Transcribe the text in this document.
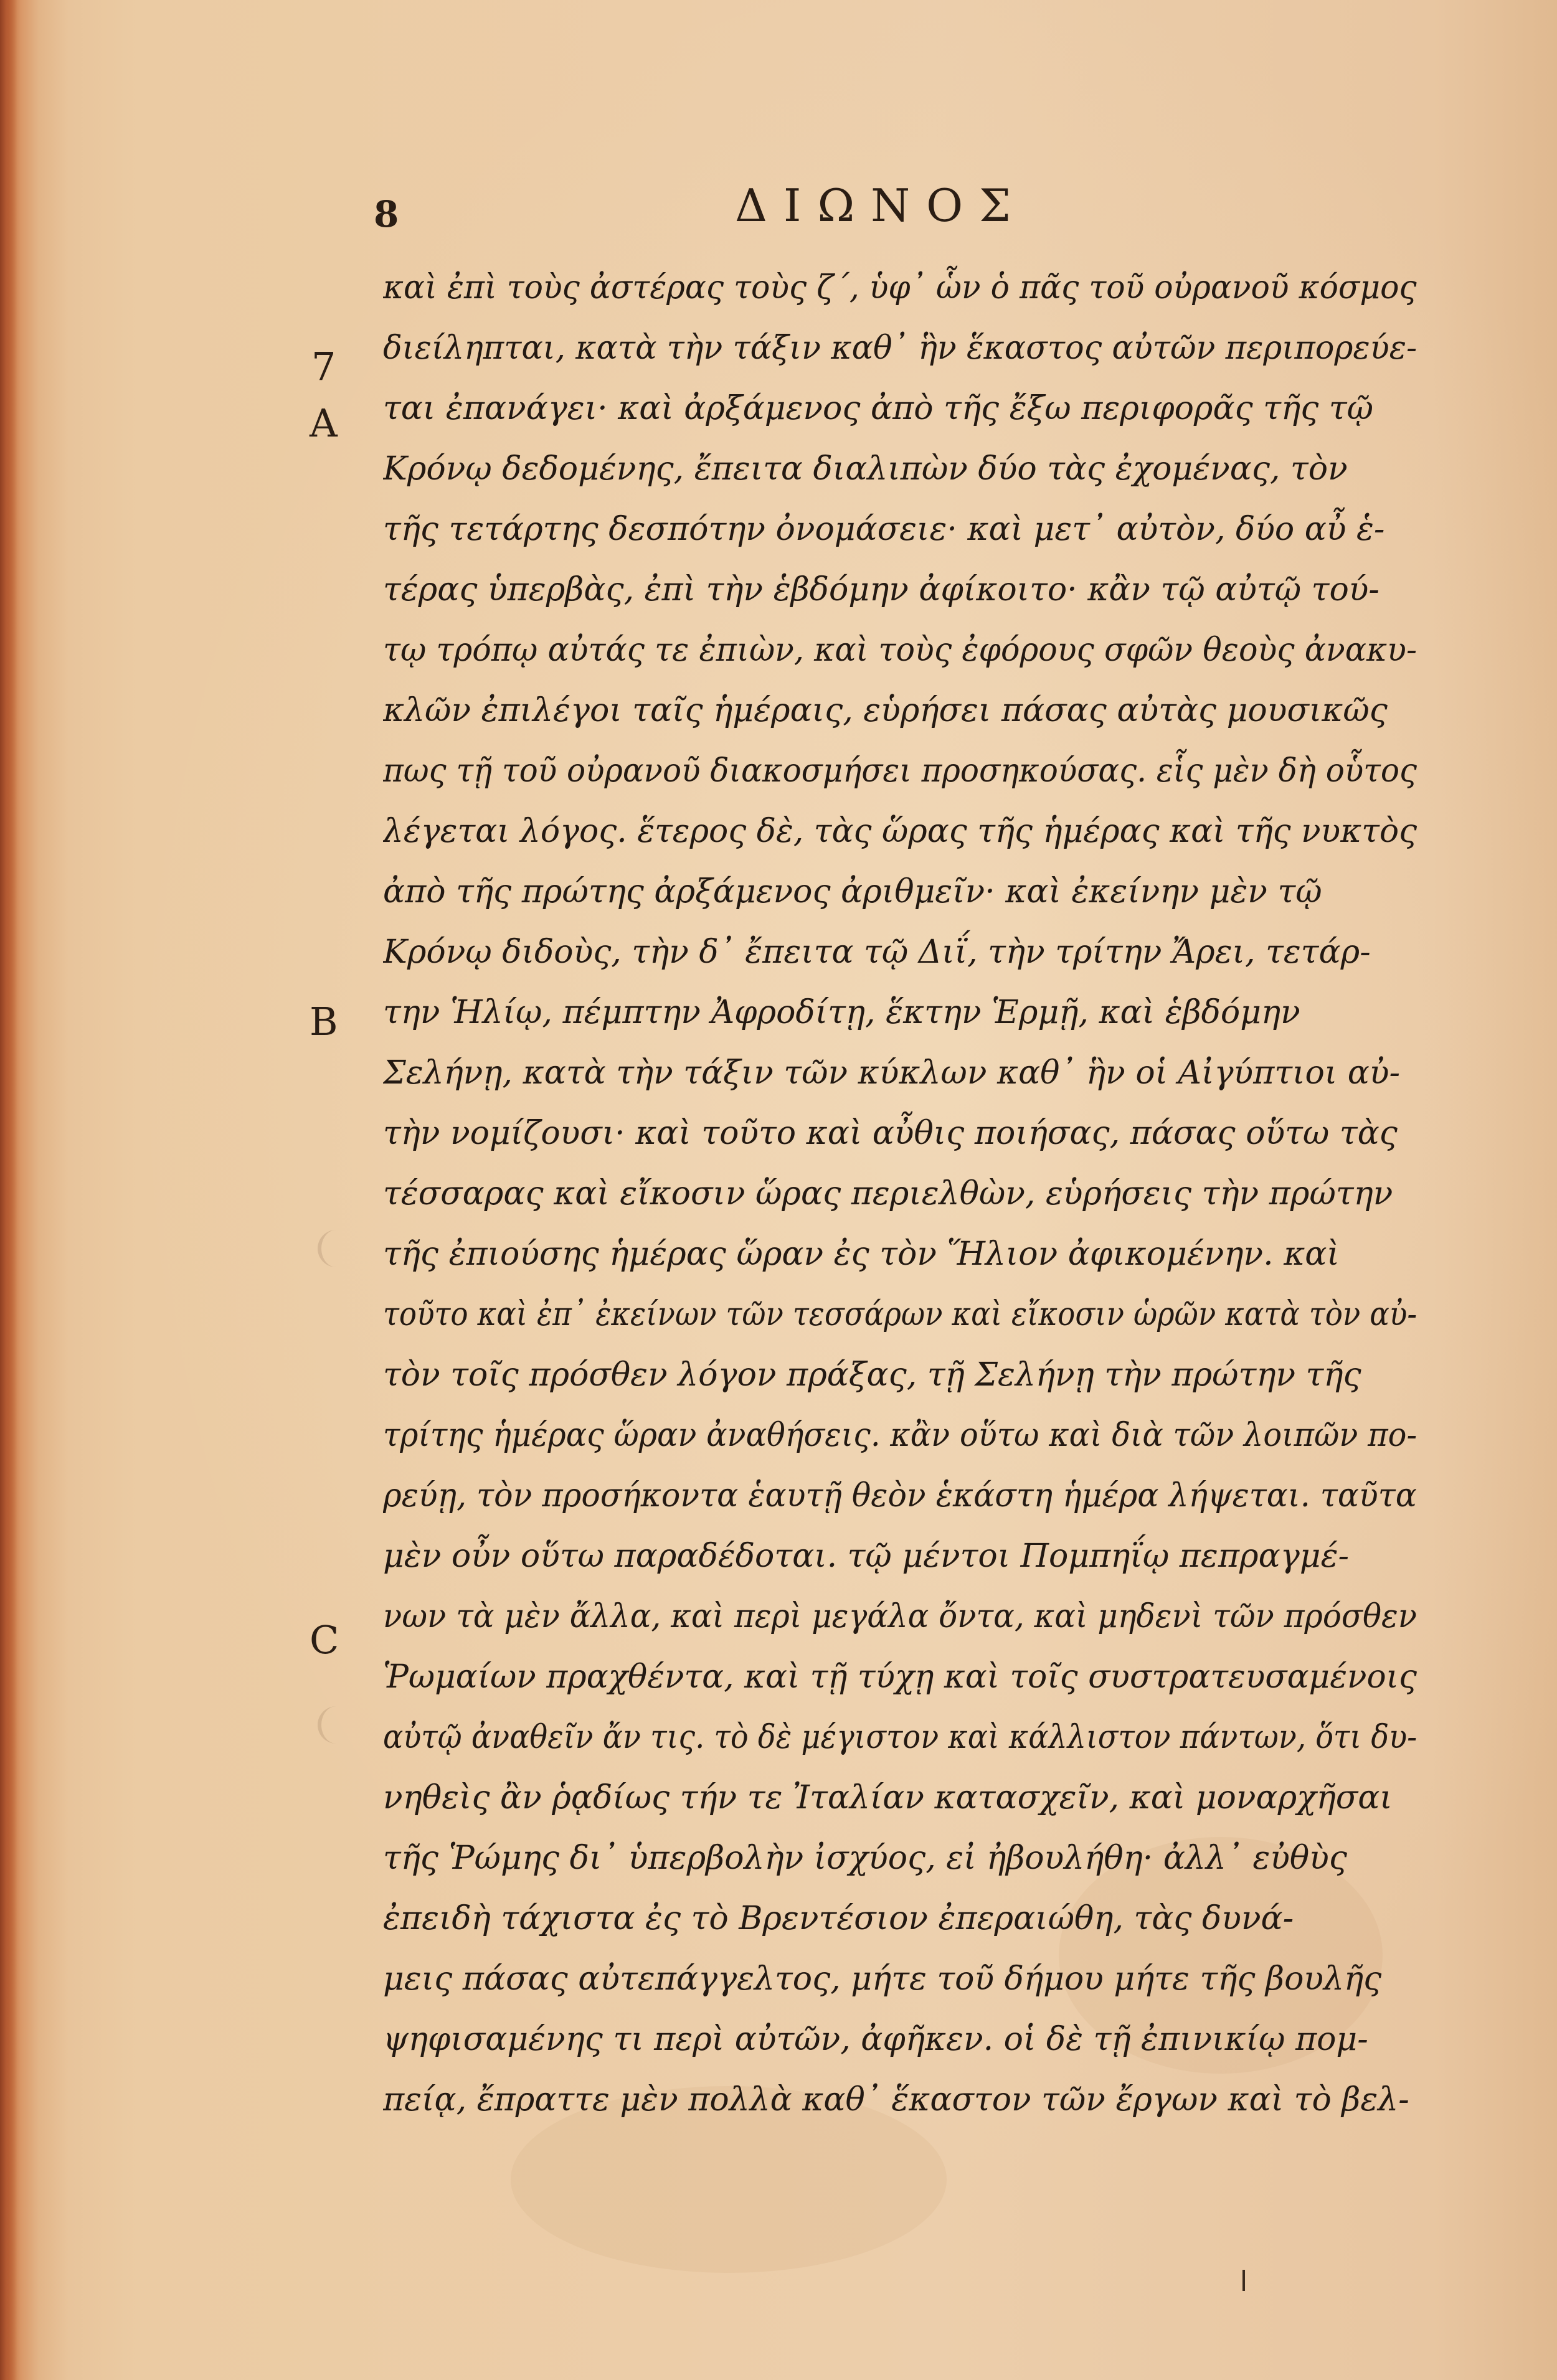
8	ΔΙΩΝΟΣ
7
A
B
C
καὶ ἐπὶ τοὺς ἀστέρας τοὺς ζ΄, ὑφ᾽ ὧν ὁ πᾶς τοῦ οὐρανοῦ κόσμος
διείληπται, κατὰ τὴν τάξιν καθ᾽ ἣν ἕκαστος αὐτῶν περιπορεύε-
ται ἐπανάγει· καὶ ἀρξάμενος ἀπὸ τῆς ἔξω περιφορᾶς τῆς τῷ
Κρόνῳ δεδομένης, ἔπειτα διαλιπὼν δύο τὰς ἐχομένας, τὸν
τῆς τετάρτης δεσπότην ὀνομάσειε· καὶ μετ᾽ αὐτὸν, δύο αὖ ἑ-
τέρας ὑπερβὰς, ἐπὶ τὴν ἑβδόμην ἀφίκοιτο· κἂν τῷ αὐτῷ τού-
τῳ τρόπῳ αὐτάς τε ἐπιὼν, καὶ τοὺς ἐφόρους σφῶν θεοὺς ἀνακυ-
κλῶν ἐπιλέγοι ταῖς ἡμέραις, εὑρήσει πάσας αὐτὰς μουσικῶς
πως τῇ τοῦ οὐρανοῦ διακοσμήσει προσηκούσας. εἷς μὲν δὴ οὗτος
λέγεται λόγος. ἕτερος δὲ, τὰς ὥρας τῆς ἡμέρας καὶ τῆς νυκτὸς
ἀπὸ τῆς πρώτης ἀρξάμενος ἀριθμεῖν· καὶ ἐκείνην μὲν τῷ
Κρόνῳ διδοὺς, τὴν δ᾽ ἔπειτα τῷ Διΐ, τὴν τρίτην Ἄρει, τετάρ-
την Ἡλίῳ, πέμπτην Ἀφροδίτῃ, ἕκτην Ἑρμῇ, καὶ ἑβδόμην
Σελήνῃ, κατὰ τὴν τάξιν τῶν κύκλων καθ᾽ ἣν οἱ Αἰγύπτιοι αὐ-
τὴν νομίζουσι· καὶ τοῦτο καὶ αὖθις ποιήσας, πάσας οὕτω τὰς
τέσσαρας καὶ εἴκοσιν ὥρας περιελθὼν, εὑρήσεις τὴν πρώτην
τῆς ἐπιούσης ἡμέρας ὥραν ἐς τὸν Ἥλιον ἀφικομένην. καὶ
τοῦτο καὶ ἐπ᾽ ἐκείνων τῶν τεσσάρων καὶ εἴκοσιν ὡρῶν κατὰ τὸν αὐ-
τὸν τοῖς πρόσθεν λόγον πράξας, τῇ Σελήνῃ τὴν πρώτην τῆς
τρίτης ἡμέρας ὥραν ἀναθήσεις. κἂν οὕτω καὶ διὰ τῶν λοιπῶν πο-
ρεύῃ, τὸν προσήκοντα ἑαυτῇ θεὸν ἑκάστη ἡμέρα λήψεται. ταῦτα
μὲν οὖν οὕτω παραδέδοται. τῷ μέντοι Πομπηΐῳ πεπραγμέ-
νων τὰ μὲν ἄλλα, καὶ περὶ μεγάλα ὄντα, καὶ μηδενὶ τῶν πρόσθεν
Ῥωμαίων πραχθέντα, καὶ τῇ τύχῃ καὶ τοῖς συστρατευσαμένοις
αὐτῷ ἀναθεῖν ἄν τις. τὸ δὲ μέγιστον καὶ κάλλιστον πάντων, ὅτι δυ-
νηθεὶς ἂν ῥᾳδίως τήν τε Ἰταλίαν κατασχεῖν, καὶ μοναρχῆσαι
τῆς Ῥώμης δι᾽ ὑπερβολὴν ἰσχύος, εἰ ἠβουλήθη· ἀλλ᾽ εὐθὺς
ἐπειδὴ τάχιστα ἐς τὸ Βρεντέσιον ἐπεραιώθη, τὰς δυνά-
μεις πάσας αὐτεπάγγελτος, μήτε τοῦ δήμου μήτε τῆς βουλῆς
ψηφισαμένης τι περὶ αὐτῶν, ἀφῆκεν. οἱ δὲ τῇ ἐπινικίῳ πομ-
πείᾳ, ἔπραττε μὲν πολλὰ καθ᾽ ἕκαστον τῶν ἔργων καὶ τὸ βελ-
